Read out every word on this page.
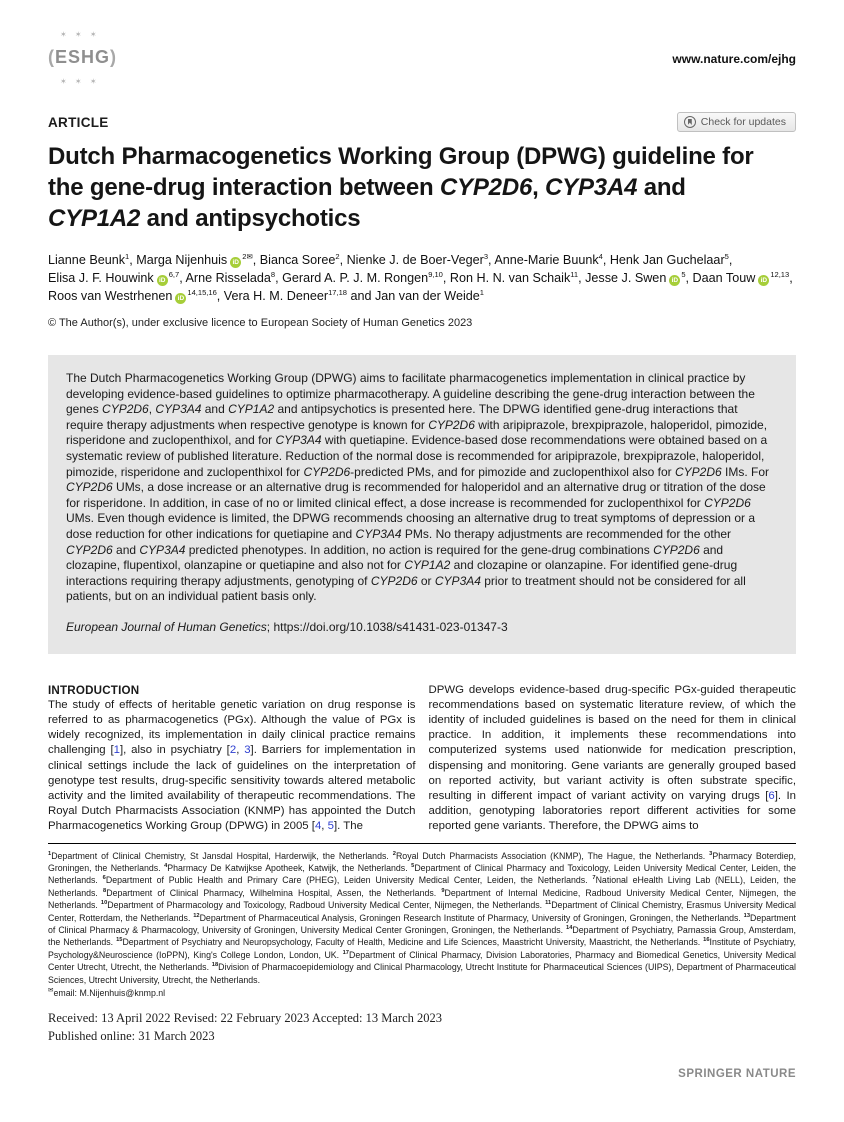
✶ ✶ ✶
( ESHG )
✶ ✶ ✶	www.nature.com/ejhg
ARTICLE	Check for updates
Dutch Pharmacogenetics Working Group (DPWG) guideline for
the gene-drug interaction between CYP2D6, CYP3A4 and
CYP1A2 and antipsychotics

Lianne Beunk$^1$, Marga Nijenhuis $iD^{2✉}$, Bianca Soree$^2$, Nienke J. de Boer-Veger$^3$, Anne-Marie Buunk$^4$, Henk Jan Guchelaar$^5$,
Elisa J. F. Houwink iD$^{6,7}$, Arne Risselada$^8$, Gerard A. P. J. M. Rongen$^{9,10}$, Ron H. N. van Schaik$^{11}$, Jesse J. Swen $iD^5$, Daan Touw iD$^{12,13}$,
Roos van Westrhenen iD$^{14,15,16}$, Vera H. M. Deneer$^{17,18}$ and Jan van der Weide$^1$

© The Author(s), under exclusive licence to European Society of Human Genetics 2023

The Dutch Pharmacogenetics Working Group (DPWG) aims to facilitate pharmacogenetics implementation in clinical practice by developing evidence-based guidelines to optimize pharmacotherapy. A guideline describing the gene-drug interaction between the genes CYP2D6, CYP3A4 and CYP1A2 and antipsychotics is presented here. The DPWG identified gene-drug interactions that require therapy adjustments when respective genotype is known for CYP2D6 with aripiprazole, brexpiprazole, haloperidol, pimozide, risperidone and zuclopenthixol, and for CYP3A4 with quetiapine. Evidence-based dose recommendations were obtained based on a systematic review of published literature. Reduction of the normal dose is recommended for aripiprazole, brexpiprazole, haloperidol, pimozide, risperidone and zuclopenthixol for CYP2D6-predicted PMs, and for pimozide and zuclopenthixol also for CYP2D6 IMs. For CYP2D6 UMs, a dose increase or an alternative drug is recommended for haloperidol and an alternative drug or titration of the dose for risperidone. In addition, in case of no or limited clinical effect, a dose increase is recommended for zuclopenthixol for CYP2D6 UMs. Even though evidence is limited, the DPWG recommends choosing an alternative drug to treat symptoms of depression or a dose reduction for other indications for quetiapine and CYP3A4 PMs. No therapy adjustments are recommended for the other CYP2D6 and CYP3A4 predicted phenotypes. In addition, no action is required for the gene-drug combinations CYP2D6 and clozapine, flupentixol, olanzapine or quetiapine and also not for CYP1A2 and clozapine or olanzapine. For identified gene-drug interactions requiring therapy adjustments, genotyping of CYP2D6 or CYP3A4 prior to treatment should not be considered for all patients, but on an individual patient basis only.

European Journal of Human Genetics; https://doi.org/10.1038/s41431-023-01347-3

INTRODUCTION

The study of effects of heritable genetic variation on drug response is referred to as pharmacogenetics (PGx). Although the value of PGx is widely recognized, its implementation in daily clinical practice remains challenging [1], also in psychiatry [2, 3]. Barriers for implementation in clinical settings include the lack of guidelines on the interpretation of genotype test results, drug-specific sensitivity towards altered metabolic activity and the limited availability of therapeutic recommendations. The Royal Dutch Pharmacists Association (KNMP) has appointed the Dutch Pharmacogenetics Working Group (DPWG) in 2005 [4, 5]. The

DPWG develops evidence-based drug-specific PGx-guided therapeutic recommendations based on systematic literature review, of which the identity of included guidelines is based on the need for them in clinical practice. In addition, it implements these recommendations into computerized systems used nationwide for medication prescription, dispensing and monitoring. Gene variants are generally grouped based on reported activity, but variant activity is often substrate specific, resulting in different impact of variant activity on varying drugs [6]. In addition, genotyping laboratories report different activities for some reported gene variants. Therefore, the DPWG aims to

$^1$Department of Clinical Chemistry, St Jansdal Hospital, Harderwijk, the Netherlands. $^2$Royal Dutch Pharmacists Association (KNMP), The Hague, the Netherlands. $^3$Pharmacy Boterdiep, Groningen, the Netherlands. $^4$Pharmacy De Katwijkse Apotheek, Katwijk, the Netherlands. $^5$Department of Clinical Pharmacy and Toxicology, Leiden University Medical Center, Leiden, the Netherlands. $^6$Department of Public Health and Primary Care (PHEG), Leiden University Medical Center, Leiden, the Netherlands. $^7$National eHealth Living Lab (NELL), Leiden, the Netherlands. $^8$Department of Clinical Pharmacy, Wilhelmina Hospital, Assen, the Netherlands. $^9$Department of Internal Medicine, Radboud University Medical Center, Nijmegen, the Netherlands. $^{10}$Department of Pharmacology and Toxicology, Radboud University Medical Center, Nijmegen, the Netherlands. $^{11}$Department of Clinical Chemistry, Erasmus University Medical Center, Rotterdam, the Netherlands. $^{12}$Department of Pharmaceutical Analysis, Groningen Research Institute of Pharmacy, University of Groningen, Groningen, the Netherlands. $^{13}$Department of Clinical Pharmacy & Pharmacology, University of Groningen, University Medical Center Groningen, Groningen, the Netherlands. $^{14}$Department of Psychiatry, Parnassia Group, Amsterdam, the Netherlands. $^{15}$Department of Psychiatry and Neuropsychology, Faculty of Health, Medicine and Life Sciences, Maastricht University, Maastricht, the Netherlands. $^{16}$Institute of Psychiatry, Psychology&Neuroscience (IoPPN), King's College London, London, UK. $^{17}$Department of Clinical Pharmacy, Division Laboratories, Pharmacy and Biomedical Genetics, University Medical Center Utrecht, Utrecht, the Netherlands. $^{18}$Division of Pharmacoepidemiology and Clinical Pharmacology, Utrecht Institute for Pharmaceutical Sciences (UIPS), Department of Pharmaceutical Sciences, Utrecht University, Utrecht, the Netherlands.

✉email: M.Nijenhuis@knmp.nl

Received: 13 April 2022 Revised: 22 February 2023 Accepted: 13 March 2023

Published online: 31 March 2023

SPRINGER NATURE
